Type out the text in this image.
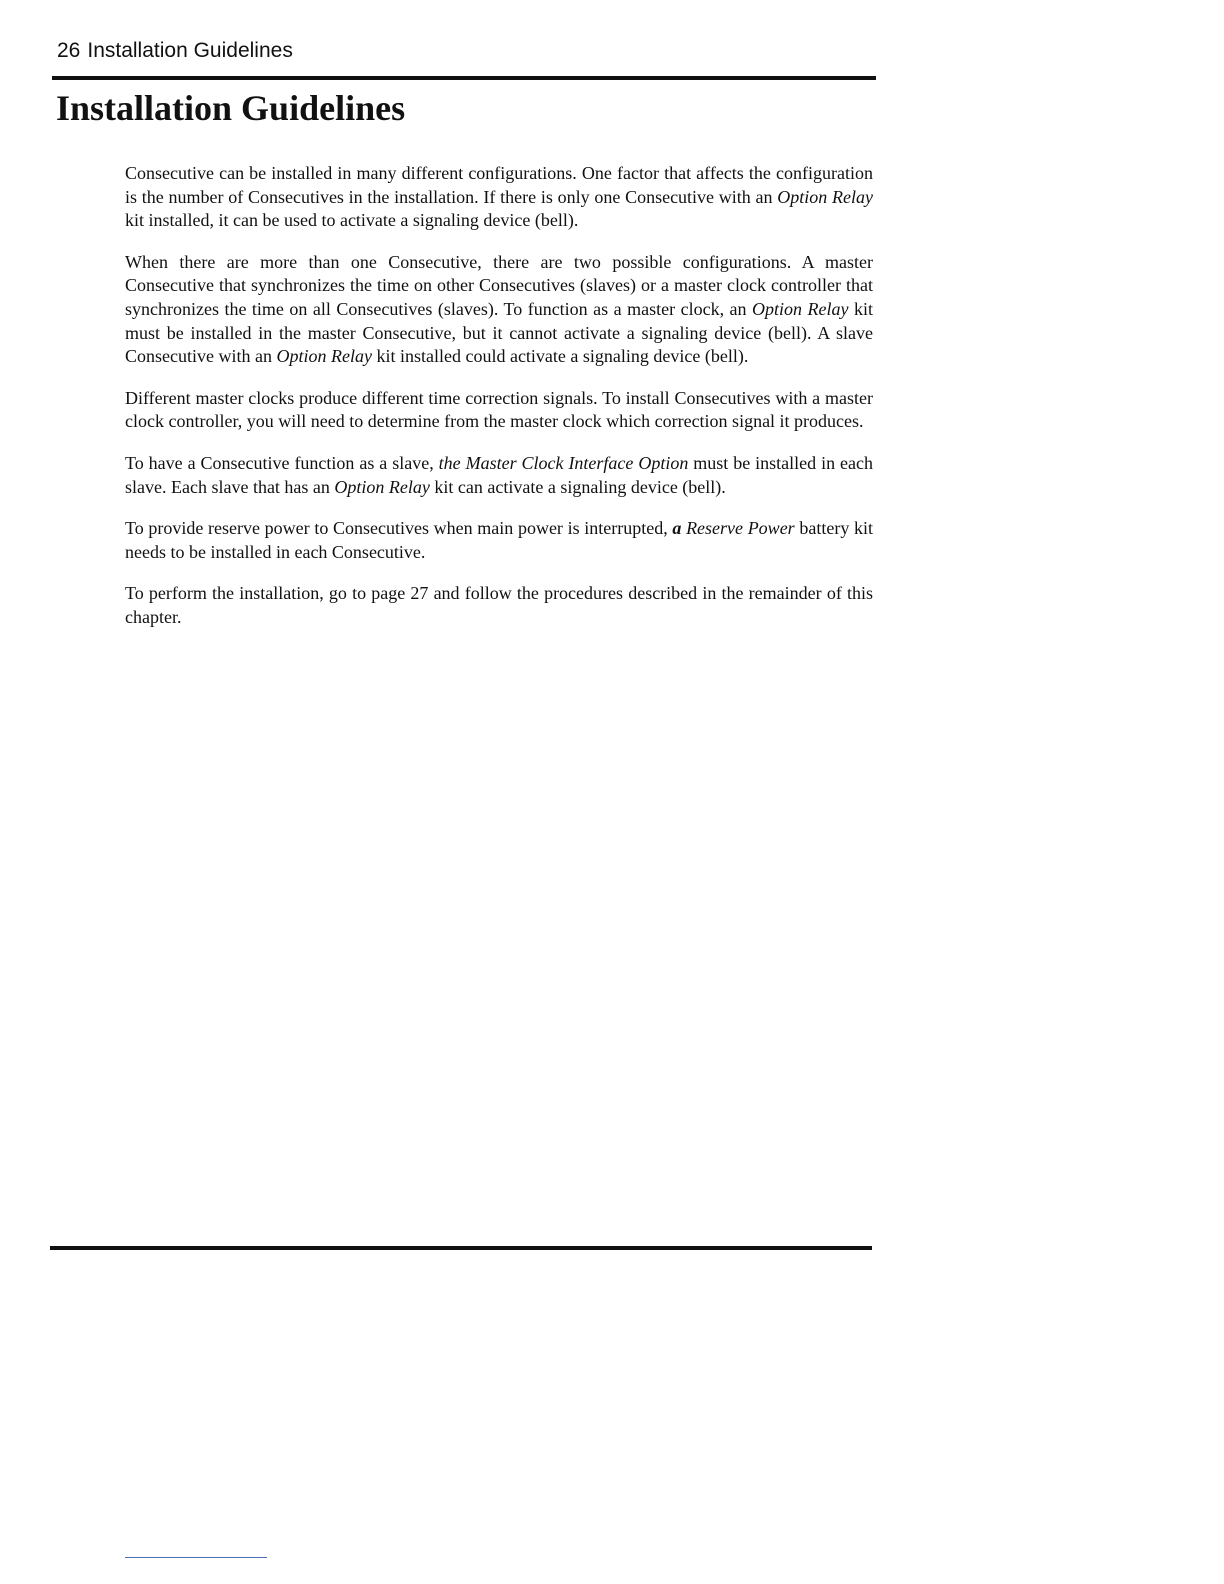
26 Installation Guidelines
Installation Guidelines

Consecutive can be installed in many different configurations. One factor that affects the configuration is the number of Consecutives in the installation. If there is only one Consecutive with an Option Relay kit installed, it can be used to activate a signaling device (bell).

When there are more than one Consecutive, there are two possible configurations. A master Consecutive that synchronizes the time on other Consecutives (slaves) or a master clock controller that synchronizes the time on all Consecutives (slaves). To function as a master clock, an Option Relay kit must be installed in the master Consecutive, but it cannot activate a signaling device (bell). A slave Consecutive with an Option Relay kit installed could activate a signaling device (bell).

Different master clocks produce different time correction signals. To install Consecutives with a master clock controller, you will need to determine from the master clock which correction signal it produces.

To have a Consecutive function as a slave, the Master Clock Interface Option must be installed in each slave. Each slave that has an Option Relay kit can activate a signaling device (bell).

To provide reserve power to Consecutives when main power is interrupted, a Reserve Power battery kit needs to be installed in each Consecutive.

To perform the installation, go to page 27 and follow the procedures described in the remainder of this chapter.
